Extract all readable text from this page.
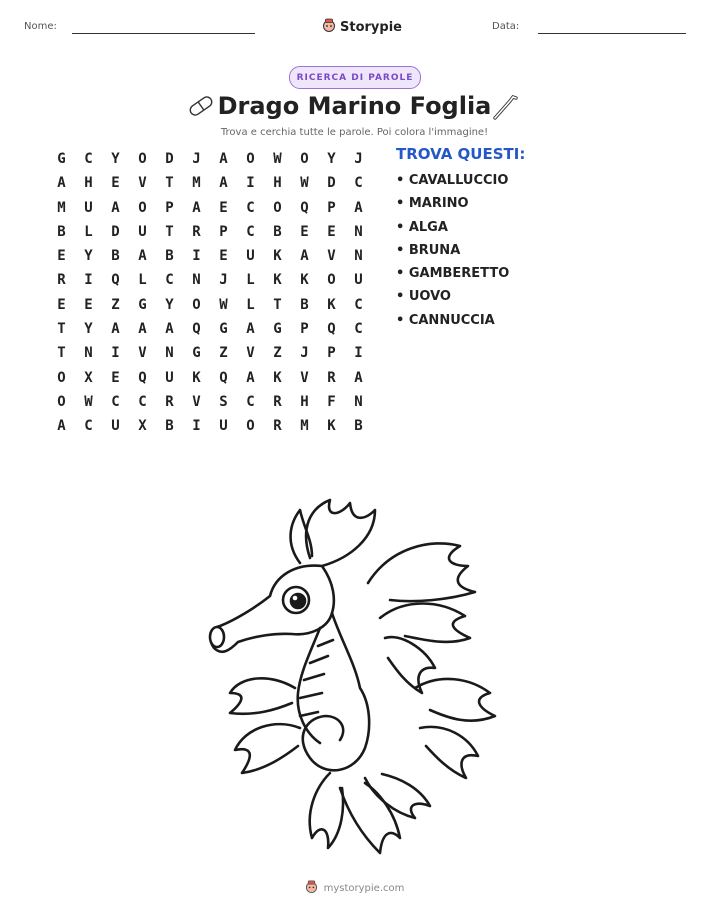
Nome:	Storypie	Data:
RICERCA DI PAROLE
Drago Marino Foglia
Trova e cerchia tutte le parole. Poi colora l'immagine!
G	C	Y	O	D	J	A	O	W	O	Y	J
A	H	E	V	T	M	A	I	H	W	D	C
M	U	A	O	P	A	E	C	O	Q	P	A
B	L	D	U	T	R	P	C	B	E	E	N
E	Y	B	A	B	I	E	U	K	A	V	N
R	I	Q	L	C	N	J	L	K	K	O	U
E	E	Z	G	Y	O	W	L	T	B	K	C
T	Y	A	A	A	Q	G	A	G	P	Q	C
T	N	I	V	N	G	Z	V	Z	J	P	I
O	X	E	Q	U	K	Q	A	K	V	R	A
O	W	C	C	R	V	S	C	R	H	F	N
A	C	U	X	B	I	U	O	R	M	K	B
TROVA QUESTI:
• CAVALLUCCIO
• MARINO
• ALGA
• BRUNA
• GAMBERETTO
• UOVO
• CANNUCCIA
mystorypie.com
